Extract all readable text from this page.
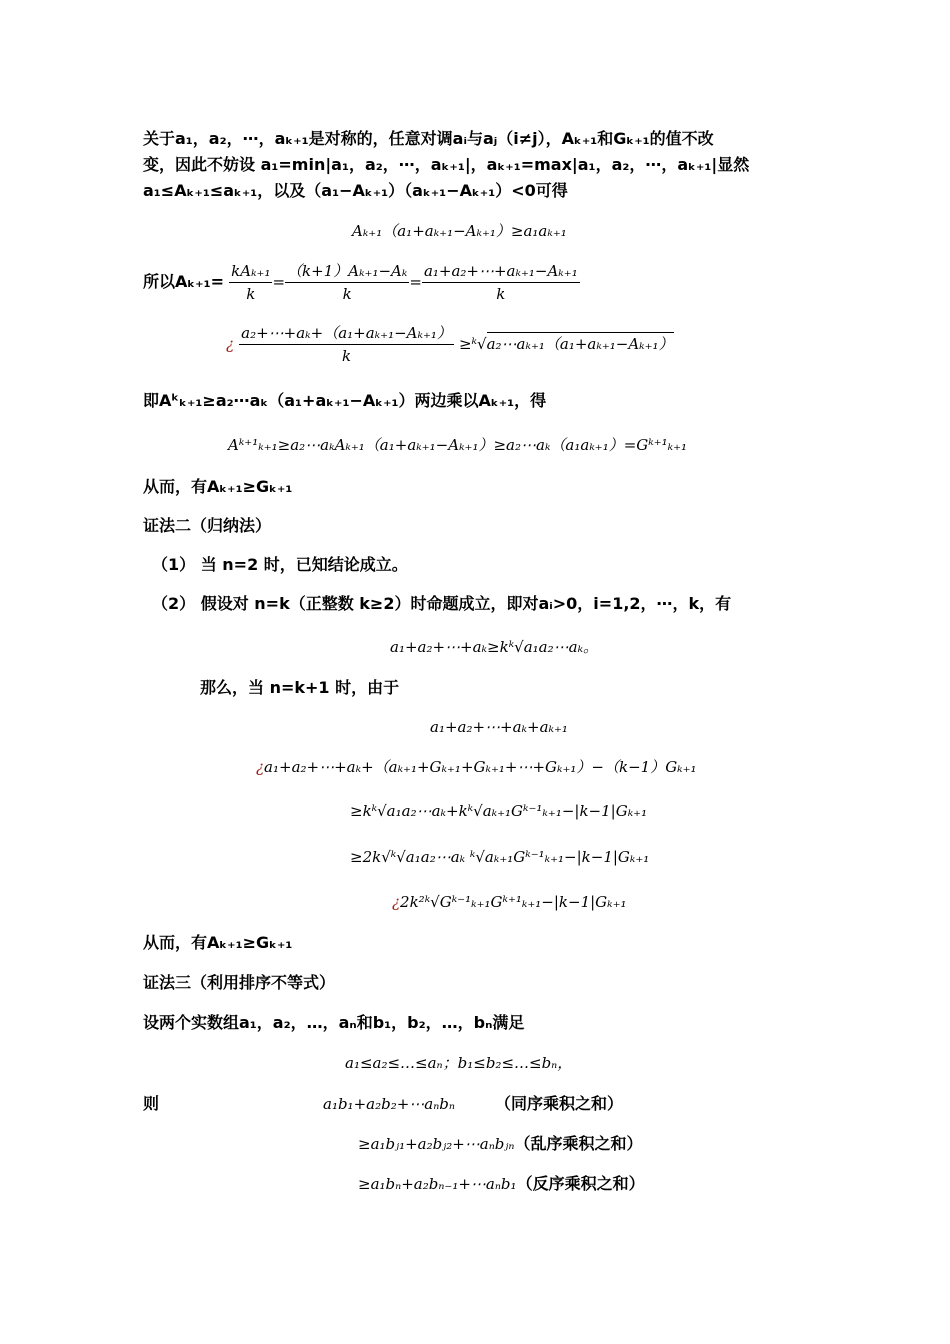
关于a₁，a₂，⋯，aₖ₊₁是对称的，任意对调aᵢ与aⱼ（i≠j），Aₖ₊₁和Gₖ₊₁的值不改
变，因此不妨设 a₁=min|a₁，a₂，⋯，aₖ₊₁|，aₖ₊₁=max|a₁，a₂，⋯，aₖ₊₁|显然
a₁≤Aₖ₊₁≤aₖ₊₁，以及（a₁−Aₖ₊₁）（aₖ₊₁−Aₖ₊₁）<0可得
Aₖ₊₁（a₁+aₖ₊₁−Aₖ₊₁）≥a₁aₖ₊₁
所以$A_{k+1}= \frac{\text{kAₖ₊₁}}{k} = \frac{\text{（k+1）Aₖ₊₁−Aₖ}}{k} = \frac{\text{a₁+a₂+⋯+aₖ₊₁−Aₖ₊₁}}{k}$
¿ $\frac{\text{a₂+⋯+aₖ+（a₁+aₖ₊₁−Aₖ₊₁）}}{k}$ ≥ᵏ√a₂⋯aₖ₊₁（a₁+aₖ₊₁−Aₖ₊₁）
即Aᵏₖ₊₁≥a₂⋯aₖ（a₁+aₖ₊₁−Aₖ₊₁）两边乘以Aₖ₊₁，得
Aᵏ⁺¹ₖ₊₁≥a₂⋯aₖAₖ₊₁（a₁+aₖ₊₁−Aₖ₊₁）≥a₂⋯aₖ（a₁aₖ₊₁）=Gᵏ⁺¹ₖ₊₁
从而，有Aₖ₊₁≥Gₖ₊₁
证法二（归纳法）
（1） 当 n=2 时，已知结论成立。
（2） 假设对 n=k（正整数 k≥2）时命题成立，即对aᵢ>0，i=1,2，⋯，k，有
a₁+a₂+⋯+aₖ≥kᵏ√a₁a₂⋯aₖ。
那么，当 n=k+1 时，由于
a₁+a₂+⋯+aₖ+aₖ₊₁
¿a₁+a₂+⋯+aₖ+（aₖ₊₁+Gₖ₊₁+Gₖ₊₁+⋯+Gₖ₊₁）−（k−1）Gₖ₊₁
≥kᵏ√a₁a₂⋯aₖ+kᵏ√aₖ₊₁Gᵏ⁻¹ₖ₊₁−|k−1|Gₖ₊₁
≥2k√ᵏ√a₁a₂⋯aₖ ᵏ√aₖ₊₁Gᵏ⁻¹ₖ₊₁−|k−1|Gₖ₊₁
¿2k²ᵏ√Gᵏ⁻¹ₖ₊₁Gᵏ⁺¹ₖ₊₁−|k−1|Gₖ₊₁
从而，有Aₖ₊₁≥Gₖ₊₁
证法三（利用排序不等式）
设两个实数组a₁，a₂，…，aₙ和b₁，b₂，…，bₙ满足
a₁≤a₂≤…≤aₙ；b₁≤b₂≤…≤bₙ，
则	a₁b₁+a₂b₂+⋯aₙbₙ	（同序乘积之和）
≥a₁bⱼ₁+a₂bⱼ₂+⋯aₙbⱼₙ（乱序乘积之和）
≥a₁bₙ+a₂bₙ₋₁+⋯aₙb₁（反序乘积之和）
